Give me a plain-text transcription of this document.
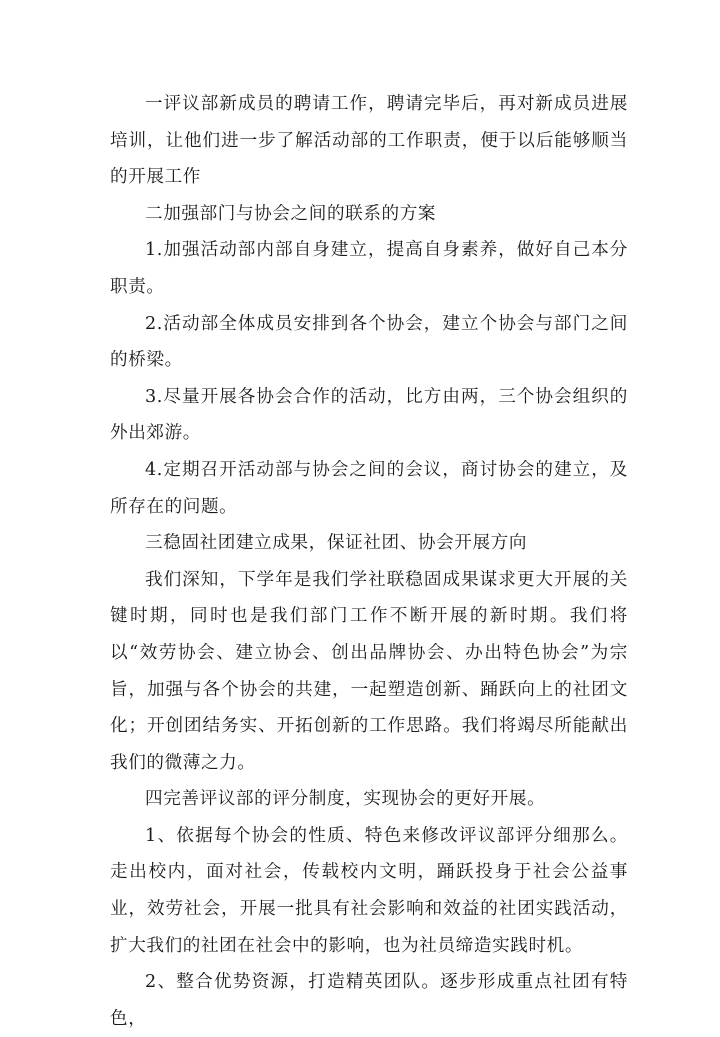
一评议部新成员的聘请工作，聘请完毕后，再对新成员进展培训，让他们进一步了解活动部的工作职责，便于以后能够顺当的开展工作

二加强部门与协会之间的联系的方案

1.加强活动部内部自身建立，提高自身素养，做好自己本分职责。

2.活动部全体成员安排到各个协会，建立个协会与部门之间的桥梁。

3.尽量开展各协会合作的活动，比方由两，三个协会组织的外出郊游。

4.定期召开活动部与协会之间的会议，商讨协会的建立，及所存在的问题。

三稳固社团建立成果，保证社团、协会开展方向

我们深知，下学年是我们学社联稳固成果谋求更大开展的关键时期，同时也是我们部门工作不断开展的新时期。我们将以“效劳协会、建立协会、创出品牌协会、办出特色协会”为宗旨，加强与各个协会的共建，一起塑造创新、踊跃向上的社团文化；开创团结务实、开拓创新的工作思路。我们将竭尽所能献出我们的微薄之力。

四完善评议部的评分制度，实现协会的更好开展。

1、依据每个协会的性质、特色来修改评议部评分细那么。走出校内，面对社会，传载校内文明，踊跃投身于社会公益事业，效劳社会，开展一批具有社会影响和效益的社团实践活动，扩大我们的社团在社会中的影响，也为社员缔造实践时机。

2、整合优势资源，打造精英团队。逐步形成重点社团有特色，
